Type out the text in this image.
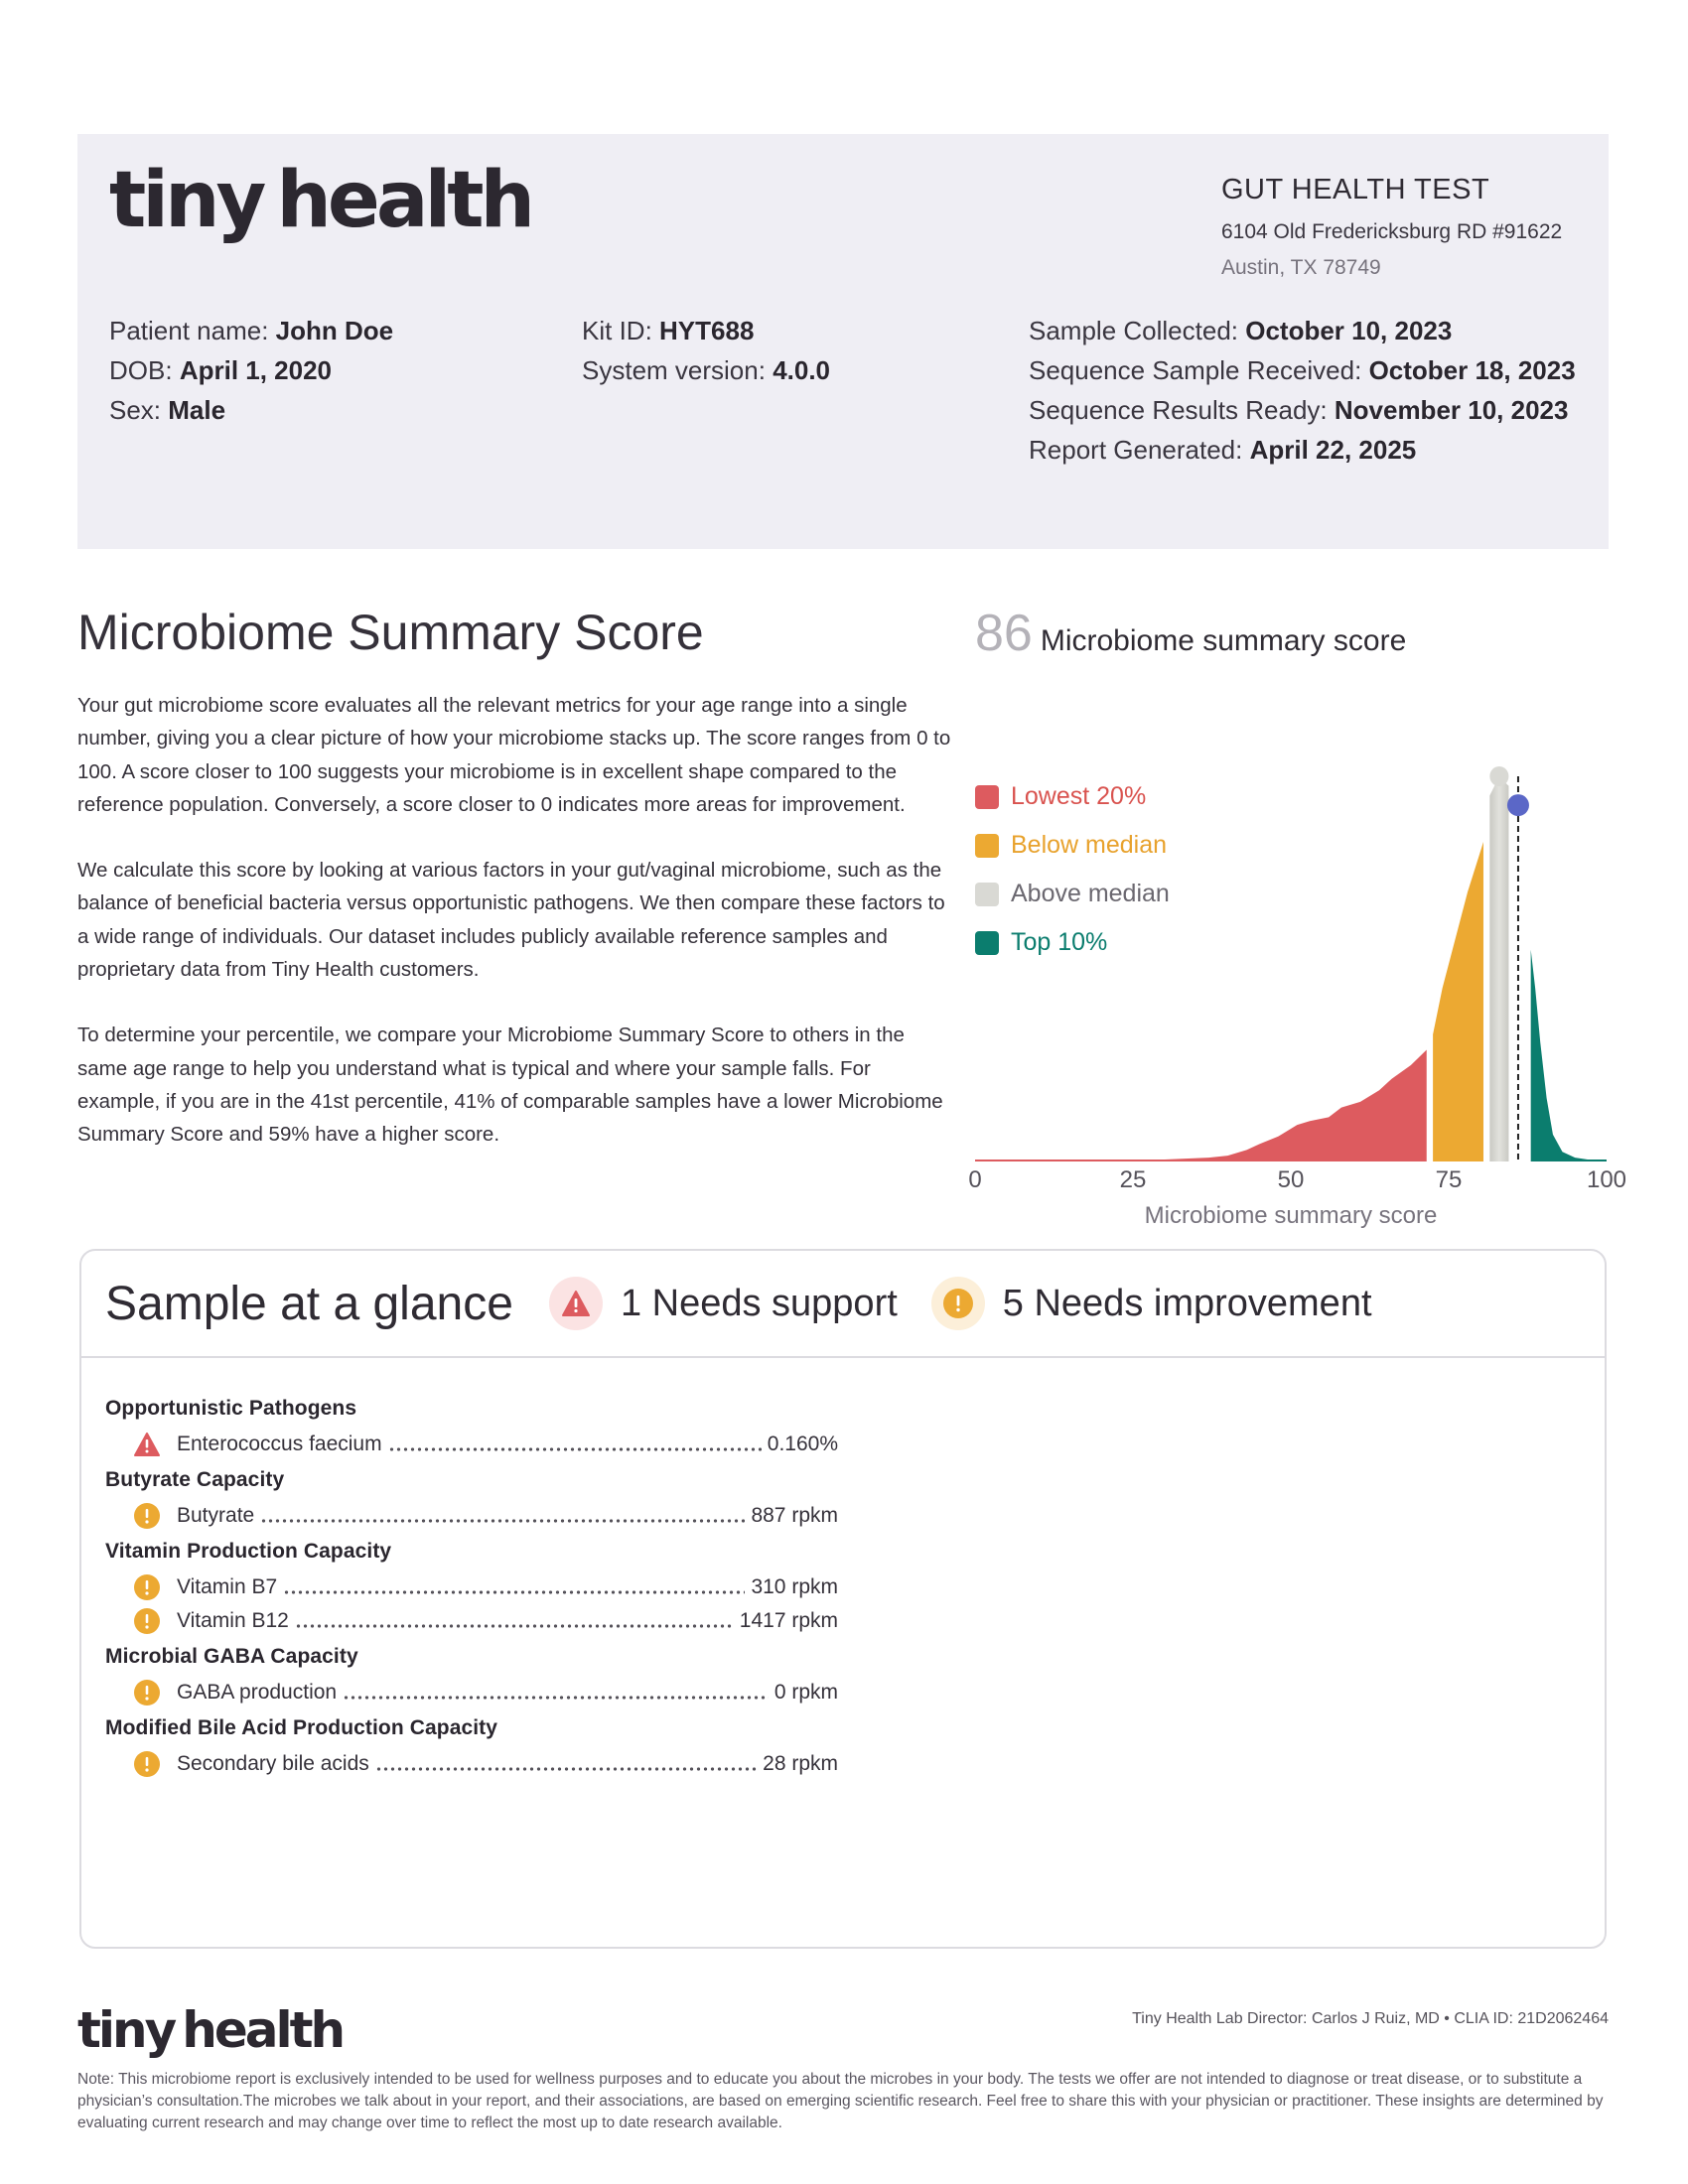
tiny health	GUT HEALTH TEST
6104 Old Fredericksburg RD #91622
Austin, TX 78749
Patient name: John Doe
DOB: April 1, 2020
Sex: Male
Kit ID: HYT688
System version: 4.0.0
Sample Collected: October 10, 2023
Sequence Sample Received: October 18, 2023
Sequence Results Ready: November 10, 2023
Report Generated: April 22, 2025
Microbiome Summary Score

Your gut microbiome score evaluates all the relevant metrics for your age range into a single number, giving you a clear picture of how your microbiome stacks up. The score ranges from 0 to 100. A score closer to 100 suggests your microbiome is in excellent shape compared to the reference population. Conversely, a score closer to 0 indicates more areas for improvement.

We calculate this score by looking at various factors in your gut/vaginal microbiome, such as the balance of beneficial bacteria versus opportunistic pathogens. We then compare these factors to a wide range of individuals. Our dataset includes publicly available reference samples and proprietary data from Tiny Health customers.

To determine your percentile, we compare your Microbiome Summary Score to others in the same age range to help you understand what is typical and where your sample falls. For example, if you are in the 41st percentile, 41% of comparable samples have a lower Microbiome Summary Score and 59% have a higher score.

86 Microbiome summary score
Lowest 20%
Below median
Above median
Top 10%
0	25	50	75	100
Microbiome summary score
Sample at a glance	1 Needs support	5 Needs improvement
Opportunistic Pathogens
Enterococcus faecium	0.160%
Butyrate Capacity
Butyrate	887 rpkm
Vitamin Production Capacity
Vitamin B7	310 rpkm
Vitamin B12	1417 rpkm
Microbial GABA Capacity
GABA production	0 rpkm
Modified Bile Acid Production Capacity
Secondary bile acids	28 rpkm
tiny health	Tiny Health Lab Director: Carlos J Ruiz, MD • CLIA ID: 21D2062464
Note: This microbiome report is exclusively intended to be used for wellness purposes and to educate you about the microbes in your body. The tests we offer are not intended to diagnose or treat disease, or to substitute a physician’s consultation.The microbes we talk about in your report, and their associations, are based on emerging scientific research. Feel free to share this with your physician or practitioner. These insights are determined by evaluating current research and may change over time to reflect the most up to date research available.
